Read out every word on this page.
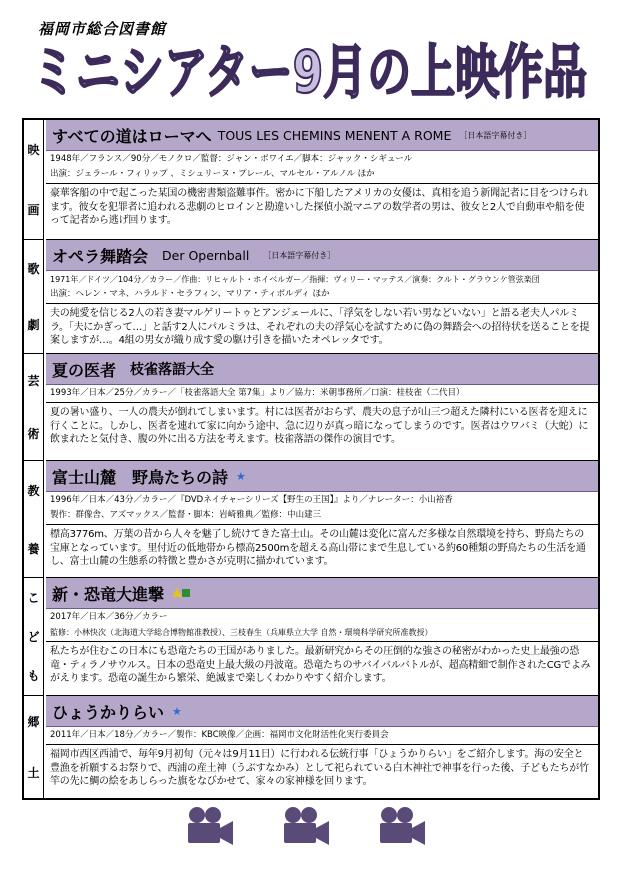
福岡市総合図書館
ミニシアター9月の上映作品
映
画
歌
劇
芸
術
教
養
こ
ど
も
郷
土
すべての道はローマへ TOUS LES CHEMINS MENENT A ROME ［日本語字幕付き］
1948年／フランス／90分／モノクロ／監督：ジャン・ボワイエ／脚本：ジャック・シギュール
出演：ジェラール・フィリップ 、ミシュリーヌ・プレール、マルセル・アルノル ほか
豪華客船の中で起こった某国の機密書類盗難事件。密かに下船したアメリカの女優は、真相を追う新聞記者に目をつけられます。彼女を犯罪者に追われる悲劇のヒロインと勘違いした探偵小説マニアの数学者の男は、彼女と2人で自動車や船を使って記者から逃げ回ります。
オペラ舞踏会 Der Opernball ［日本語字幕付き］
1971年／ドイツ／104分／カラー／作曲：リヒャルト・ホイベルガー／指揮：ヴィリー・マッテス／演奏：クルト・グラウンケ管弦楽団
出演：ヘレン・マネ、ハラルド・セラフィン、マリア・ティボルディ ほか
夫の純愛を信じる2人の若き妻マルゲリートゥとアンジェールに、「浮気をしない若い男などいない」と語る老夫人パルミラ。「夫にかぎって…」と話す2人にパルミラは、それぞれの夫の浮気心を試すために偽の舞踏会への招待状を送ることを提案しますが…。4組の男女が織り成す愛の駆け引きを描いたオペレッタです。
夏の医者 枝雀落語大全
1993年／日本／25分／カラー／「枝雀落語大全 第7集」より／協力：米朝事務所／口演：桂枝雀（二代目）
夏の暑い盛り、一人の農夫が倒れてしまいます。村には医者がおらず、農夫の息子が山三つ超えた隣村にいる医者を迎えに行くことに。しかし、医者を連れて家に向かう途中、急に辺りが真っ暗になってしまうのです。医者はウワバミ（大蛇）に飲まれたと気付き、腹の外に出る方法を考えます。枝雀落語の傑作の演目です。
富士山麓　野鳥たちの詩 ★
1996年／日本／43分／カラー／『DVDネイチャーシリーズ【野生の王国】』より／ナレーター：小山裕香
製作：群像舎、アズマックス／監督・脚本：岩崎雅典／監修：中山建三
標高3776m、万葉の昔から人々を魅了し続けてきた富士山。その山麓は変化に富んだ多様な自然環境を持ち、野鳥たちの宝庫となっています。里付近の低地帯から標高2500mを超える高山帯にまで生息している約60種類の野鳥たちの生活を通し、富士山麓の生態系の特徴と豊かさが克明に描かれています。
新・恐竜大進撃
2017年／日本／36分／カラー
監修：小林快次（北海道大学総合博物館准教授）、三枝春生（兵庫県立大学 自然・環境科学研究所准教授）
私たちが住むこの日本にも恐竜たちの王国がありました。最新研究からその圧倒的な強さの秘密がわかった史上最強の恐竜・ティラノサウルス。日本の恐竜史上最大級の丹波竜。恐竜たちのサバイバルバトルが、超高精細で制作されたCGでよみがえります。恐竜の誕生から繁栄、絶滅まで楽しくわかりやすく紹介します。
ひょうかりらい ★
2011年／日本／18分／カラー／製作：KBC映像／企画：福岡市文化財活性化実行委員会
福岡市西区西浦で、毎年9月初旬（元々は9月11日）に行われる伝統行事「ひょうかりらい」をご紹介します。海の安全と豊漁を祈願するお祭りで、西浦の産土神（うぶすなかみ）として祀られている白木神社で神事を行った後、子どもたちが竹竿の先に鯛の絵をあしらった旗をなびかせて、家々の家神様を回ります。
